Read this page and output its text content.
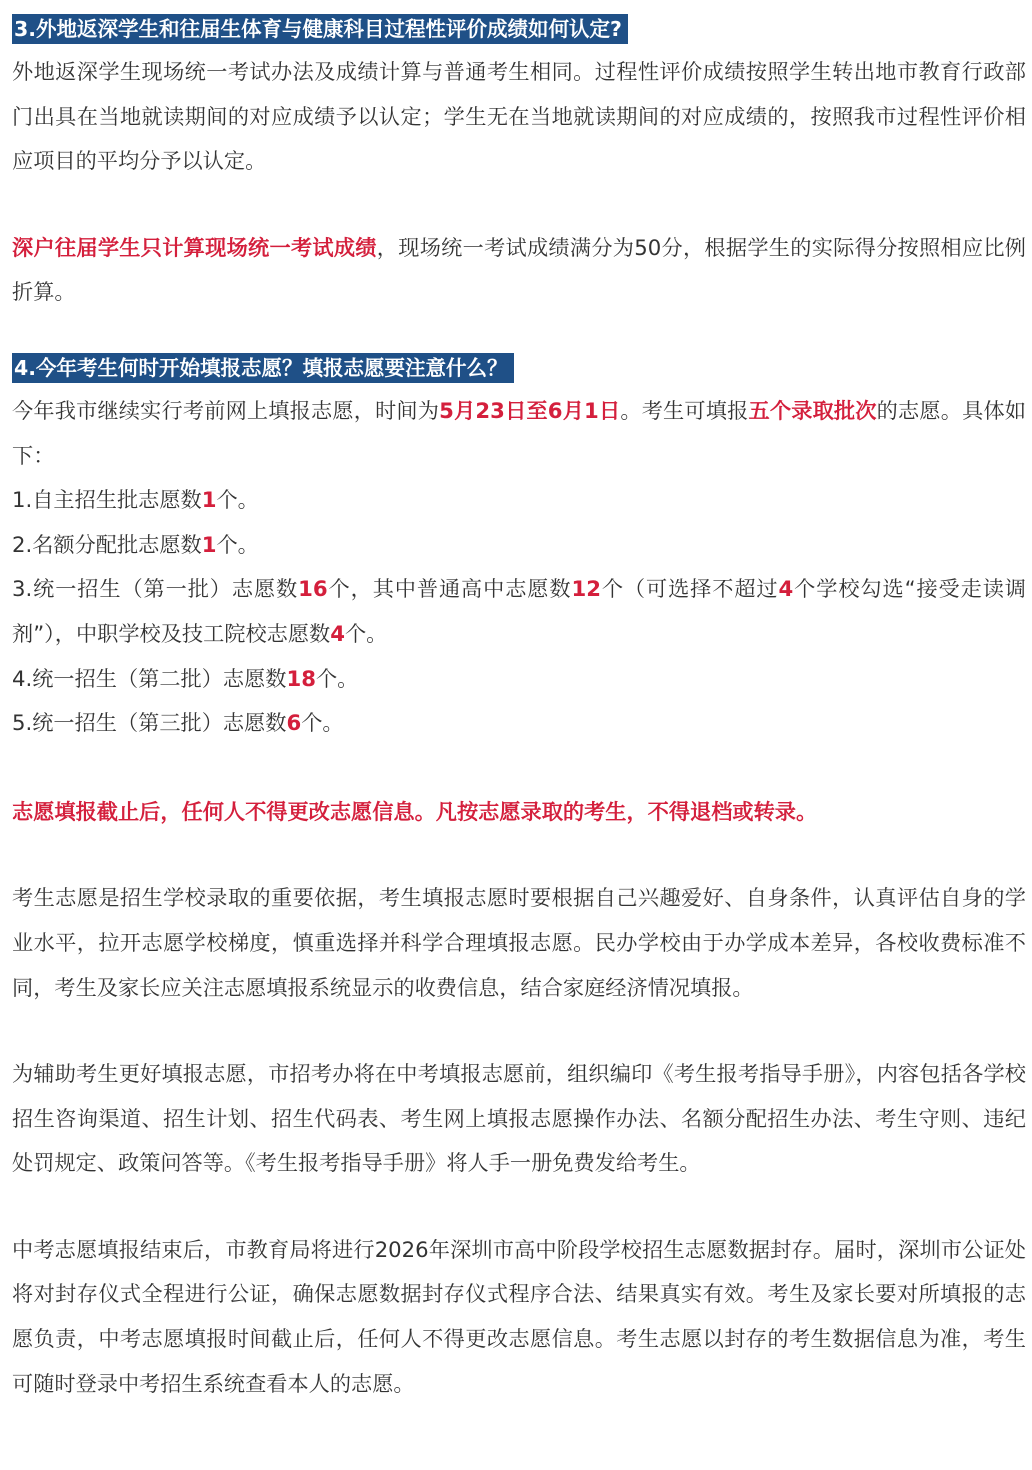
3.外地返深学生和往届生体育与健康科目过程性评价成绩如何认定?

外地返深学生现场统一考试办法及成绩计算与普通考生相同。过程性评价成绩按照学生转出地市教育行政部门出具在当地就读期间的对应成绩予以认定；学生无在当地就读期间的对应成绩的，按照我市过程性评价相应项目的平均分予以认定。

深户往届学生只计算现场统一考试成绩，现场统一考试成绩满分为50分，根据学生的实际得分按照相应比例折算。

4.今年考生何时开始填报志愿？填报志愿要注意什么？

今年我市继续实行考前网上填报志愿，时间为5月23日至6月1日。考生可填报五个录取批次的志愿。具体如下：

1.自主招生批志愿数1个。

2.名额分配批志愿数1个。

3.统一招生（第一批）志愿数16个，其中普通高中志愿数12个（可选择不超过4个学校勾选“接受走读调剂”），中职学校及技工院校志愿数4个。

4.统一招生（第二批）志愿数18个。

5.统一招生（第三批）志愿数6个。

志愿填报截止后，任何人不得更改志愿信息。凡按志愿录取的考生，不得退档或转录。

考生志愿是招生学校录取的重要依据，考生填报志愿时要根据自己兴趣爱好、自身条件，认真评估自身的学业水平，拉开志愿学校梯度，慎重选择并科学合理填报志愿。民办学校由于办学成本差异，各校收费标准不同，考生及家长应关注志愿填报系统显示的收费信息，结合家庭经济情况填报。

为辅助考生更好填报志愿，市招考办将在中考填报志愿前，组织编印《考生报考指导手册》，内容包括各学校招生咨询渠道、招生计划、招生代码表、考生网上填报志愿操作办法、名额分配招生办法、考生守则、违纪处罚规定、政策问答等。《考生报考指导手册》将人手一册免费发给考生。

中考志愿填报结束后，市教育局将进行2026年深圳市高中阶段学校招生志愿数据封存。届时，深圳市公证处将对封存仪式全程进行公证，确保志愿数据封存仪式程序合法、结果真实有效。考生及家长要对所填报的志愿负责，中考志愿填报时间截止后，任何人不得更改志愿信息。考生志愿以封存的考生数据信息为准，考生可随时登录中考招生系统查看本人的志愿。
